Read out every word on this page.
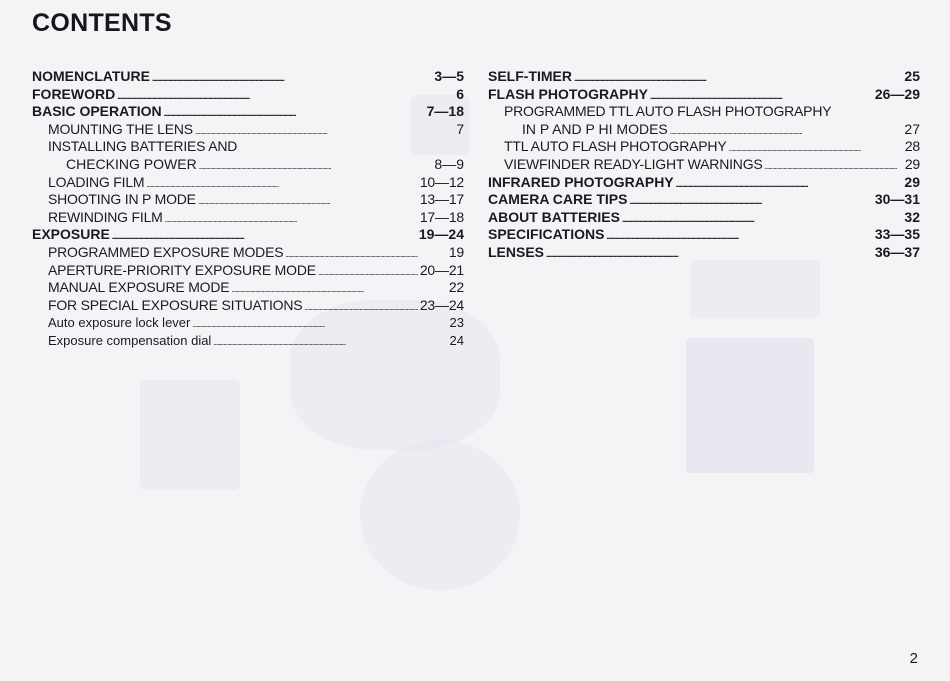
CONTENTS
NOMENCLATURE . . .	3—5
FOREWORD . . .	6
BASIC OPERATION . . .	7—18
MOUNTING THE LENS . . .	7
INSTALLING BATTERIES AND
CHECKING POWER . . .	8—9
LOADING FILM . . .	10—12
SHOOTING IN P MODE . . .	13—17
REWINDING FILM . . .	17—18
EXPOSURE . . .	19—24
PROGRAMMED EXPOSURE MODES . . .	19
APERTURE-PRIORITY EXPOSURE MODE . . .	20—21
MANUAL EXPOSURE MODE . . .	22
FOR SPECIAL EXPOSURE SITUATIONS . . .	23—24
Auto exposure lock lever . . .	23
Exposure compensation dial . . .	24
SELF-TIMER . . .	25
FLASH PHOTOGRAPHY . . .	26—29
PROGRAMMED TTL AUTO FLASH PHOTOGRAPHY
IN P AND P HI MODES . . .	27
TTL AUTO FLASH PHOTOGRAPHY . . .	28
VIEWFINDER READY-LIGHT WARNINGS . . .	29
INFRARED PHOTOGRAPHY . . .	29
CAMERA CARE TIPS . . .	30—31
ABOUT BATTERIES . . .	32
SPECIFICATIONS . . .	33—35
LENSES . . .	36—37
2
